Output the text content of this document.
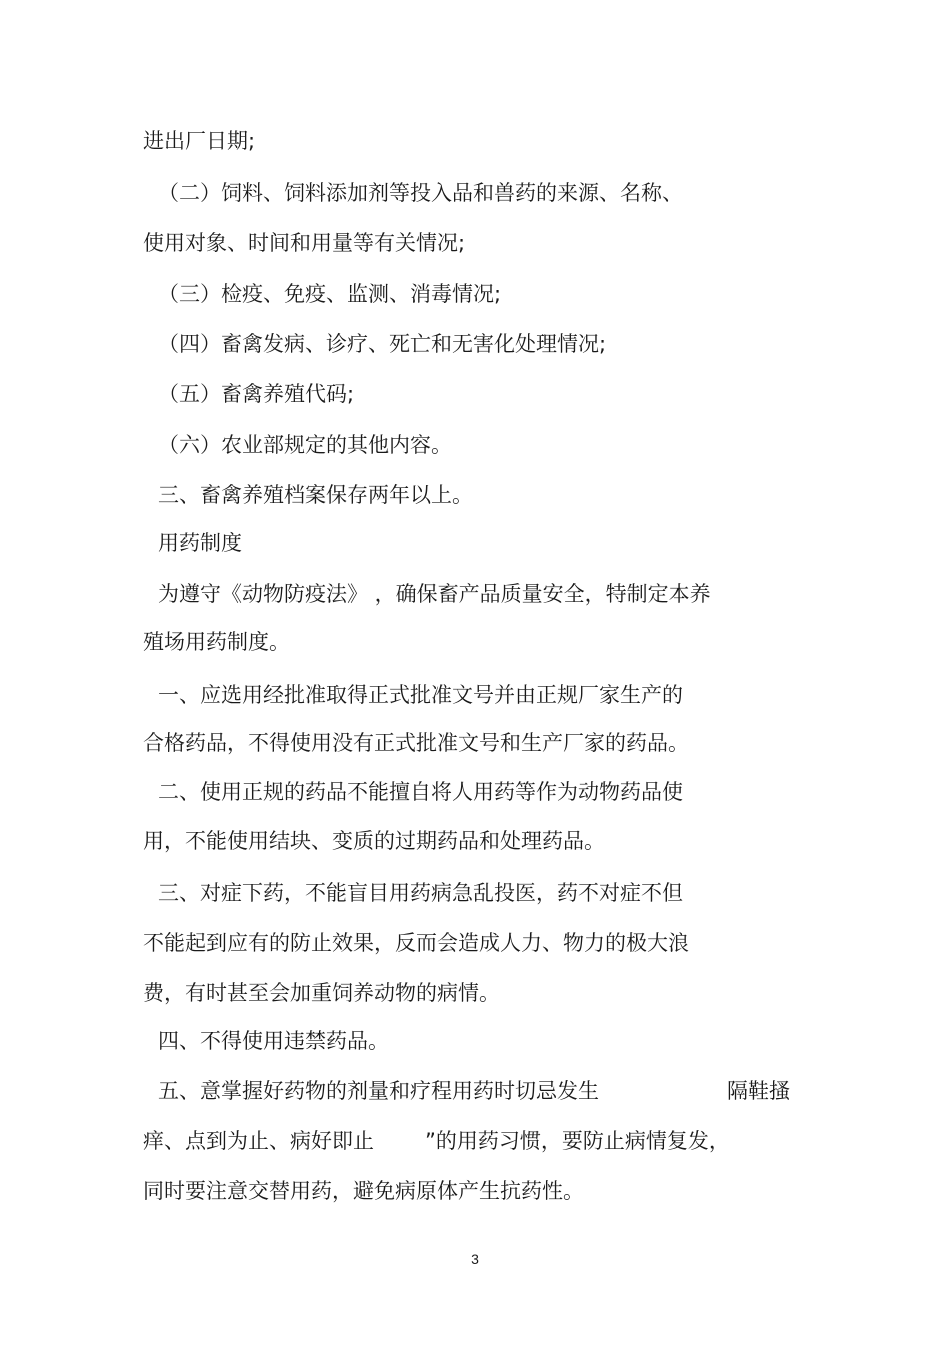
进出厂日期;
（二）饲料、饲料添加剂等投入品和兽药的来源、名称、
使用对象、时间和用量等有关情况;
（三）检疫、免疫、监测、消毒情况;
（四）畜禽发病、诊疗、死亡和无害化处理情况;
（五）畜禽养殖代码;
（六）农业部规定的其他内容。
三、畜禽养殖档案保存两年以上。
用药制度
为遵守《动物防疫法》 ，确保畜产品质量安全，特制定本养
殖场用药制度。
一、应选用经批准取得正式批准文号并由正规厂家生产的
合格药品，不得使用没有正式批准文号和生产厂家的药品。
二、使用正规的药品不能擅自将人用药等作为动物药品使
用，不能使用结块、变质的过期药品和处理药品。
三、对症下药，不能盲目用药病急乱投医，药不对症不但
不能起到应有的防止效果，反而会造成人力、物力的极大浪
费，有时甚至会加重饲养动物的病情。
四、不得使用违禁药品。
五、意掌握好药物的剂量和疗程用药时切忌发生	隔鞋搔
痒、点到为止、病好即止 ”的用药习惯，要防止病情复发，
同时要注意交替用药，避免病原体产生抗药性。
3
